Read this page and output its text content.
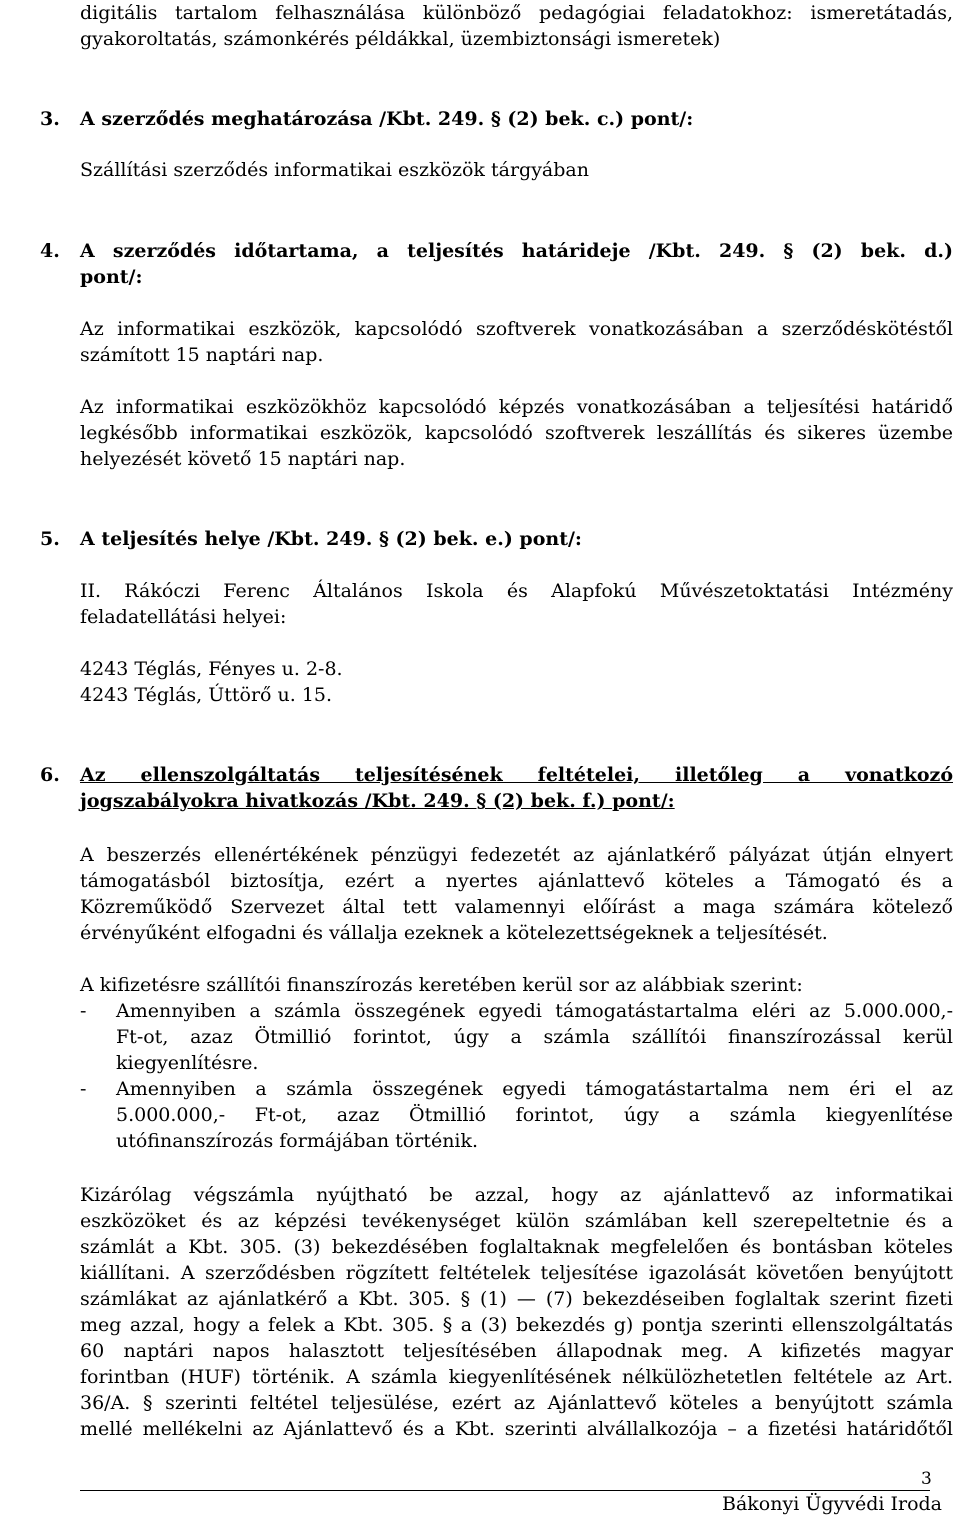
digitális tartalom felhasználása különböző pedagógiai feladatokhoz: ismeretátadás,
gyakoroltatás, számonkérés példákkal, üzembiztonsági ismeretek)
3. A szerződés meghatározása /Kbt. 249. § (2) bek. c.) pont/:
Szállítási szerződés informatikai eszközök tárgyában
4. A szerződés időtartama, a teljesítés határideje /Kbt. 249. § (2) bek. d.)
pont/:
Az informatikai eszközök, kapcsolódó szoftverek vonatkozásában a szerződéskötéstől
számított 15 naptári nap.
Az informatikai eszközökhöz kapcsolódó képzés vonatkozásában a teljesítési határidő
legkésőbb informatikai eszközök, kapcsolódó szoftverek leszállítás és sikeres üzembe
helyezését követő 15 naptári nap.
5. A teljesítés helye /Kbt. 249. § (2) bek. e.) pont/:
II. Rákóczi Ferenc Általános Iskola és Alapfokú Művészetoktatási Intézmény
feladatellátási helyei:
4243 Téglás, Fényes u. 2-8.
4243 Téglás, Úttörő u. 15.
6. Az ellenszolgáltatás teljesítésének feltételei, illetőleg a vonatkozó
jogszabályokra hivatkozás /Kbt. 249. § (2) bek. f.) pont/:
A beszerzés ellenértékének pénzügyi fedezetét az ajánlatkérő pályázat útján elnyert
támogatásból biztosítja, ezért a nyertes ajánlattevő köteles a Támogató és a
Közreműködő Szervezet által tett valamennyi előírást a maga számára kötelező
érvényűként elfogadni és vállalja ezeknek a kötelezettségeknek a teljesítését.
A kifizetésre szállítói finanszírozás keretében kerül sor az alábbiak szerint:
- Amennyiben a számla összegének egyedi támogatástartalma eléri az 5.000.000,-
Ft-ot, azaz Ötmillió forintot, úgy a számla szállítói finanszírozással kerül
kiegyenlítésre.
- Amennyiben a számla összegének egyedi támogatástartalma nem éri el az
5.000.000,- Ft-ot, azaz Ötmillió forintot, úgy a számla kiegyenlítése
utófinanszírozás formájában történik.
Kizárólag végszámla nyújtható be azzal, hogy az ajánlattevő az informatikai
eszközöket és az képzési tevékenységet külön számlában kell szerepeltetnie és a
számlát a Kbt. 305. (3) bekezdésében foglaltaknak megfelelően és bontásban köteles
kiállítani. A szerződésben rögzített feltételek teljesítése igazolását követően benyújtott
számlákat az ajánlatkérő a Kbt. 305. § (1) — (7) bekezdéseiben foglaltak szerint fizeti
meg azzal, hogy a felek a Kbt. 305. § a (3) bekezdés g) pontja szerinti ellenszolgáltatás
60 naptári napos halasztott teljesítésében állapodnak meg. A kifizetés magyar
forintban (HUF) történik. A számla kiegyenlítésének nélkülözhetetlen feltétele az Art.
36/A. § szerinti feltétel teljesülése, ezért az Ajánlattevő köteles a benyújtott számla
mellé mellékelni az Ajánlattevő és a Kbt. szerinti alvállalkozója – a fizetési határidőtől
3
Bákonyi Ügyvédi Iroda
